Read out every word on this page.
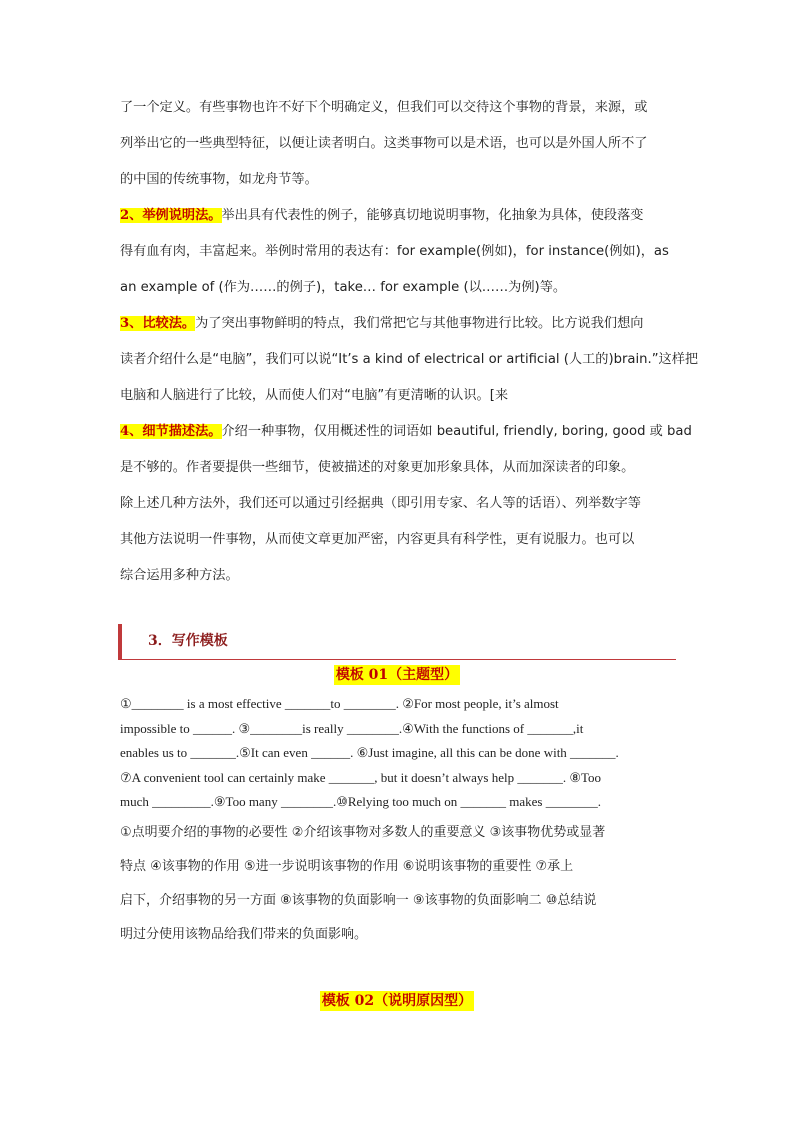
了一个定义。有些事物也许不好下个明确定义，但我们可以交待这个事物的背景，来源，或
列举出它的一些典型特征，以便让读者明白。这类事物可以是术语，也可以是外国人所不了
的中国的传统事物，如龙舟节等。
2、举例说明法。举出具有代表性的例子，能够真切地说明事物，化抽象为具体，使段落变
得有血有肉，丰富起来。举例时常用的表达有：for example(例如)，for instance(例如)，as
an example of (作为……的例子)，take… for example (以……为例)等。
3、比较法。为了突出事物鲜明的特点，我们常把它与其他事物进行比较。比方说我们想向
读者介绍什么是“电脑”，我们可以说“It’s a kind of electrical or artificial (人工的)brain.”这样把
电脑和人脑进行了比较，从而使人们对“电脑”有更清晰的认识。[来
4、细节描述法。介绍一种事物，仅用概述性的词语如 beautiful, friendly, boring, good 或 bad
是不够的。作者要提供一些细节，使被描述的对象更加形象具体，从而加深读者的印象。
除上述几种方法外，我们还可以通过引经据典（即引用专家、名人等的话语）、列举数字等
其他方法说明一件事物，从而使文章更加严密，内容更具有科学性，更有说服力。也可以
综合运用多种方法。
3．写作模板
模板 01（主题型）
①________ is a most effective _______to ________. ②For most people, it’s almost
impossible to ______. ③________is really ________.④With the functions of _______,it
enables us to _______.⑤It can even ______. ⑥Just imagine, all this can be done with _______.
⑦A convenient tool can certainly make _______, but it doesn’t always help _______. ⑧Too
much _________.⑨Too many ________.⑩Relying too much on _______ makes ________.
①点明要介绍的事物的必要性 ②介绍该事物对多数人的重要意义 ③该事物优势或显著
特点 ④该事物的作用 ⑤进一步说明该事物的作用 ⑥说明该事物的重要性 ⑦承上
启下，介绍事物的另一方面 ⑧该事物的负面影响一 ⑨该事物的负面影响二 ⑩总结说
明过分使用该物品给我们带来的负面影响。
模板 02（说明原因型）
